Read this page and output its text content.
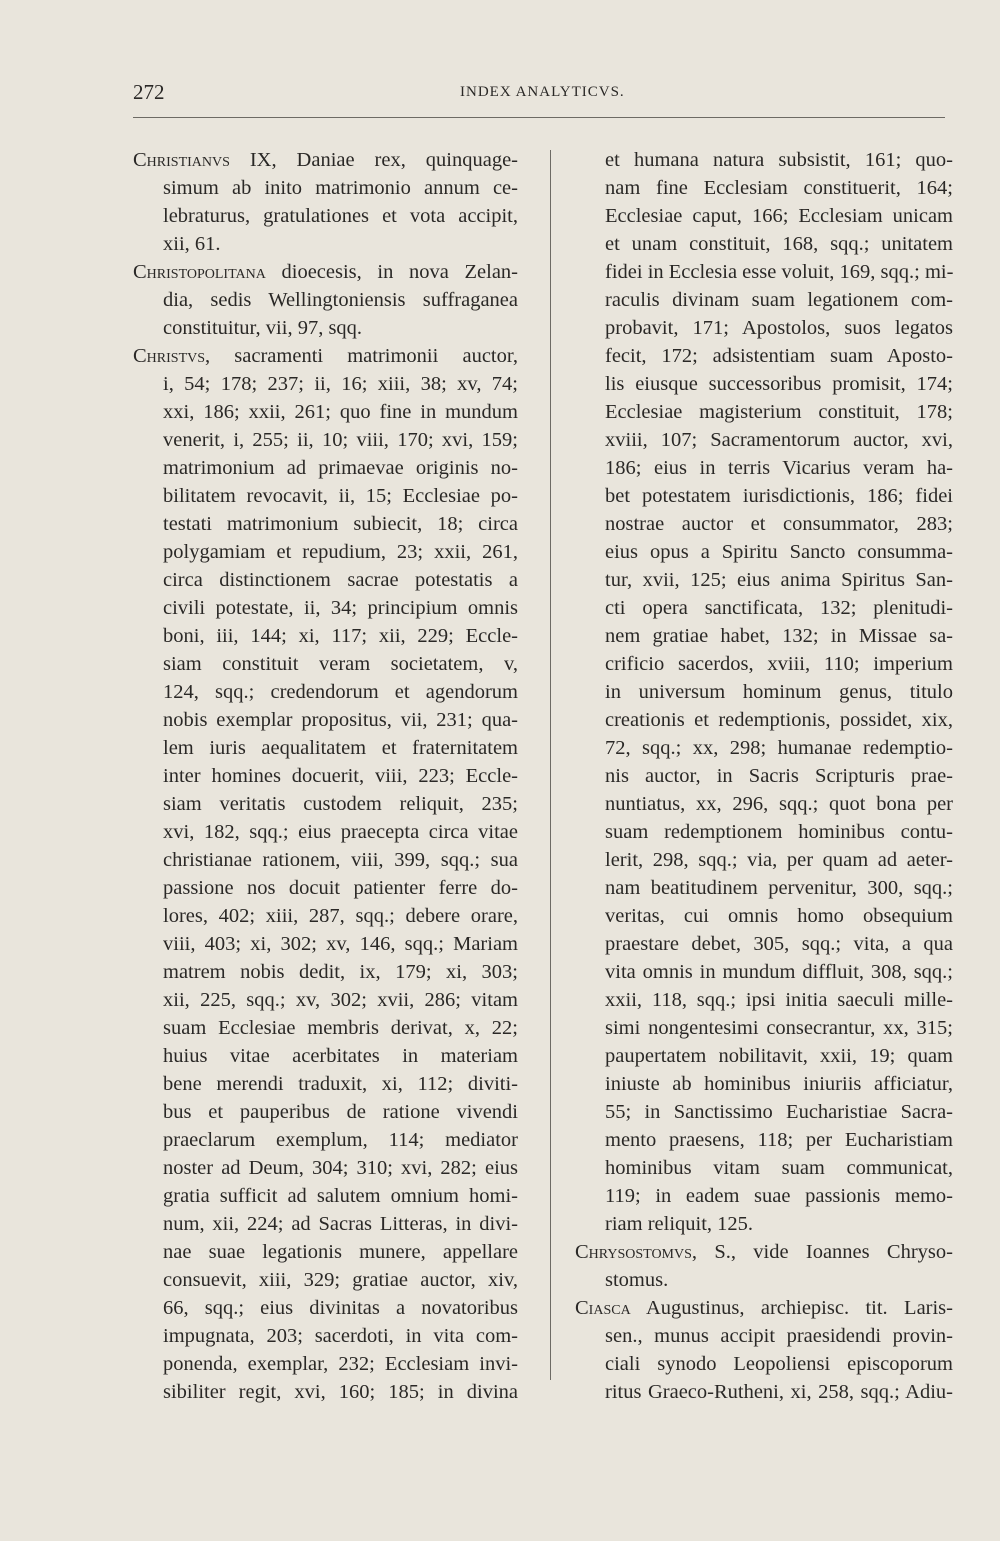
272	INDEX ANALYTICVS.
Christianvs IX, Daniae rex, quinquage-
simum ab inito matrimonio annum ce-
lebraturus, gratulationes et vota accipit,
xii, 61.
Christopolitana dioecesis, in nova Zelan-
dia, sedis Wellingtoniensis suffraganea
constituitur, vii, 97, sqq.
Christvs, sacramenti matrimonii auctor,
i, 54; 178; 237; ii, 16; xiii, 38; xv, 74;
xxi, 186; xxii, 261; quo fine in mundum
venerit, i, 255; ii, 10; viii, 170; xvi, 159;
matrimonium ad primaevae originis no-
bilitatem revocavit, ii, 15; Ecclesiae po-
testati matrimonium subiecit, 18; circa
polygamiam et repudium, 23; xxii, 261,
circa distinctionem sacrae potestatis a
civili potestate, ii, 34; principium omnis
boni, iii, 144; xi, 117; xii, 229; Eccle-
siam constituit veram societatem, v,
124, sqq.; credendorum et agendorum
nobis exemplar propositus, vii, 231; qua-
lem iuris aequalitatem et fraternitatem
inter homines docuerit, viii, 223; Eccle-
siam veritatis custodem reliquit, 235;
xvi, 182, sqq.; eius praecepta circa vitae
christianae rationem, viii, 399, sqq.; sua
passione nos docuit patienter ferre do-
lores, 402; xiii, 287, sqq.; debere orare,
viii, 403; xi, 302; xv, 146, sqq.; Mariam
matrem nobis dedit, ix, 179; xi, 303;
xii, 225, sqq.; xv, 302; xvii, 286; vitam
suam Ecclesiae membris derivat, x, 22;
huius vitae acerbitates in materiam
bene merendi traduxit, xi, 112; diviti-
bus et pauperibus de ratione vivendi
praeclarum exemplum, 114; mediator
noster ad Deum, 304; 310; xvi, 282; eius
gratia sufficit ad salutem omnium homi-
num, xii, 224; ad Sacras Litteras, in divi-
nae suae legationis munere, appellare
consuevit, xiii, 329; gratiae auctor, xiv,
66, sqq.; eius divinitas a novatoribus
impugnata, 203; sacerdoti, in vita com-
ponenda, exemplar, 232; Ecclesiam invi-
sibiliter regit, xvi, 160; 185; in divina
et humana natura subsistit, 161; quo-
nam fine Ecclesiam constituerit, 164;
Ecclesiae caput, 166; Ecclesiam unicam
et unam constituit, 168, sqq.; unitatem
fidei in Ecclesia esse voluit, 169, sqq.; mi-
raculis divinam suam legationem com-
probavit, 171; Apostolos, suos legatos
fecit, 172; adsistentiam suam Aposto-
lis eiusque successoribus promisit, 174;
Ecclesiae magisterium constituit, 178;
xviii, 107; Sacramentorum auctor, xvi,
186; eius in terris Vicarius veram ha-
bet potestatem iurisdictionis, 186; fidei
nostrae auctor et consummator, 283;
eius opus a Spiritu Sancto consumma-
tur, xvii, 125; eius anima Spiritus San-
cti opera sanctificata, 132; plenitudi-
nem gratiae habet, 132; in Missae sa-
crificio sacerdos, xviii, 110; imperium
in universum hominum genus, titulo
creationis et redemptionis, possidet, xix,
72, sqq.; xx, 298; humanae redemptio-
nis auctor, in Sacris Scripturis prae-
nuntiatus, xx, 296, sqq.; quot bona per
suam redemptionem hominibus contu-
lerit, 298, sqq.; via, per quam ad aeter-
nam beatitudinem pervenitur, 300, sqq.;
veritas, cui omnis homo obsequium
praestare debet, 305, sqq.; vita, a qua
vita omnis in mundum diffluit, 308, sqq.;
xxii, 118, sqq.; ipsi initia saeculi mille-
simi nongentesimi consecrantur, xx, 315;
paupertatem nobilitavit, xxii, 19; quam
iniuste ab hominibus iniuriis afficiatur,
55; in Sanctissimo Eucharistiae Sacra-
mento praesens, 118; per Eucharistiam
hominibus vitam suam communicat,
119; in eadem suae passionis memo-
riam reliquit, 125.
Chrysostomvs, S., vide Ioannes Chryso-
stomus.
Ciasca Augustinus, archiepisc. tit. Laris-
sen., munus accipit praesidendi provin-
ciali synodo Leopoliensi episcoporum
ritus Graeco-Rutheni, xi, 258, sqq.; Adiu-
